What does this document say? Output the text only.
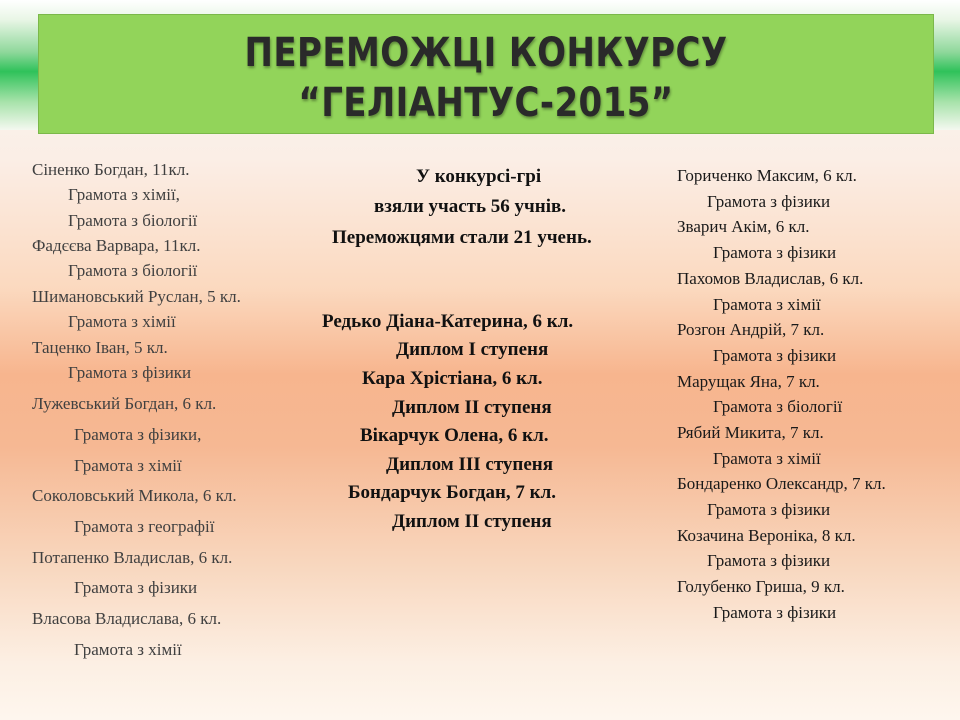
ПЕРЕМОЖЦІ КОНКУРСУ
“ГЕЛІАНТУС-2015”
Сіненко Богдан, 11кл.
Грамота з хімії,
Грамота з біології
Фадєєва Варвара, 11кл.
Грамота з біології
Шимановський Руслан, 5 кл.
Грамота з хімії
Таценко Іван, 5 кл.
Грамота з фізики
Лужевський Богдан, 6 кл.
Грамота з фізики,
Грамота з хімії
Соколовський Микола, 6 кл.
Грамота з географії
Потапенко Владислав, 6 кл.
Грамота з фізики
Власова Владислава, 6 кл.
Грамота з хімії
У конкурсі-грі
взяли участь 56 учнів.
Переможцями стали 21 учень.
Редько Діана-Катерина, 6 кл.
Диплом І ступеня
Кара Хрістіана, 6 кл.
Диплом ІІ ступеня
Вікарчук Олена, 6 кл.
Диплом ІІІ ступеня
Бондарчук Богдан, 7 кл.
Диплом ІІ ступеня
Гориченко Максим, 6 кл.
Грамота з фізики
Зварич Акім, 6 кл.
Грамота з фізики
Пахомов Владислав, 6 кл.
Грамота з хімії
Розгон Андрій, 7 кл.
Грамота з фізики
Марущак Яна, 7 кл.
Грамота з біології
Рябий Микита, 7 кл.
Грамота з хімії
Бондаренко Олександр, 7 кл.
Грамота з фізики
Козачина Вероніка, 8 кл.
Грамота з фізики
Голубенко Гриша, 9 кл.
Грамота з фізики
